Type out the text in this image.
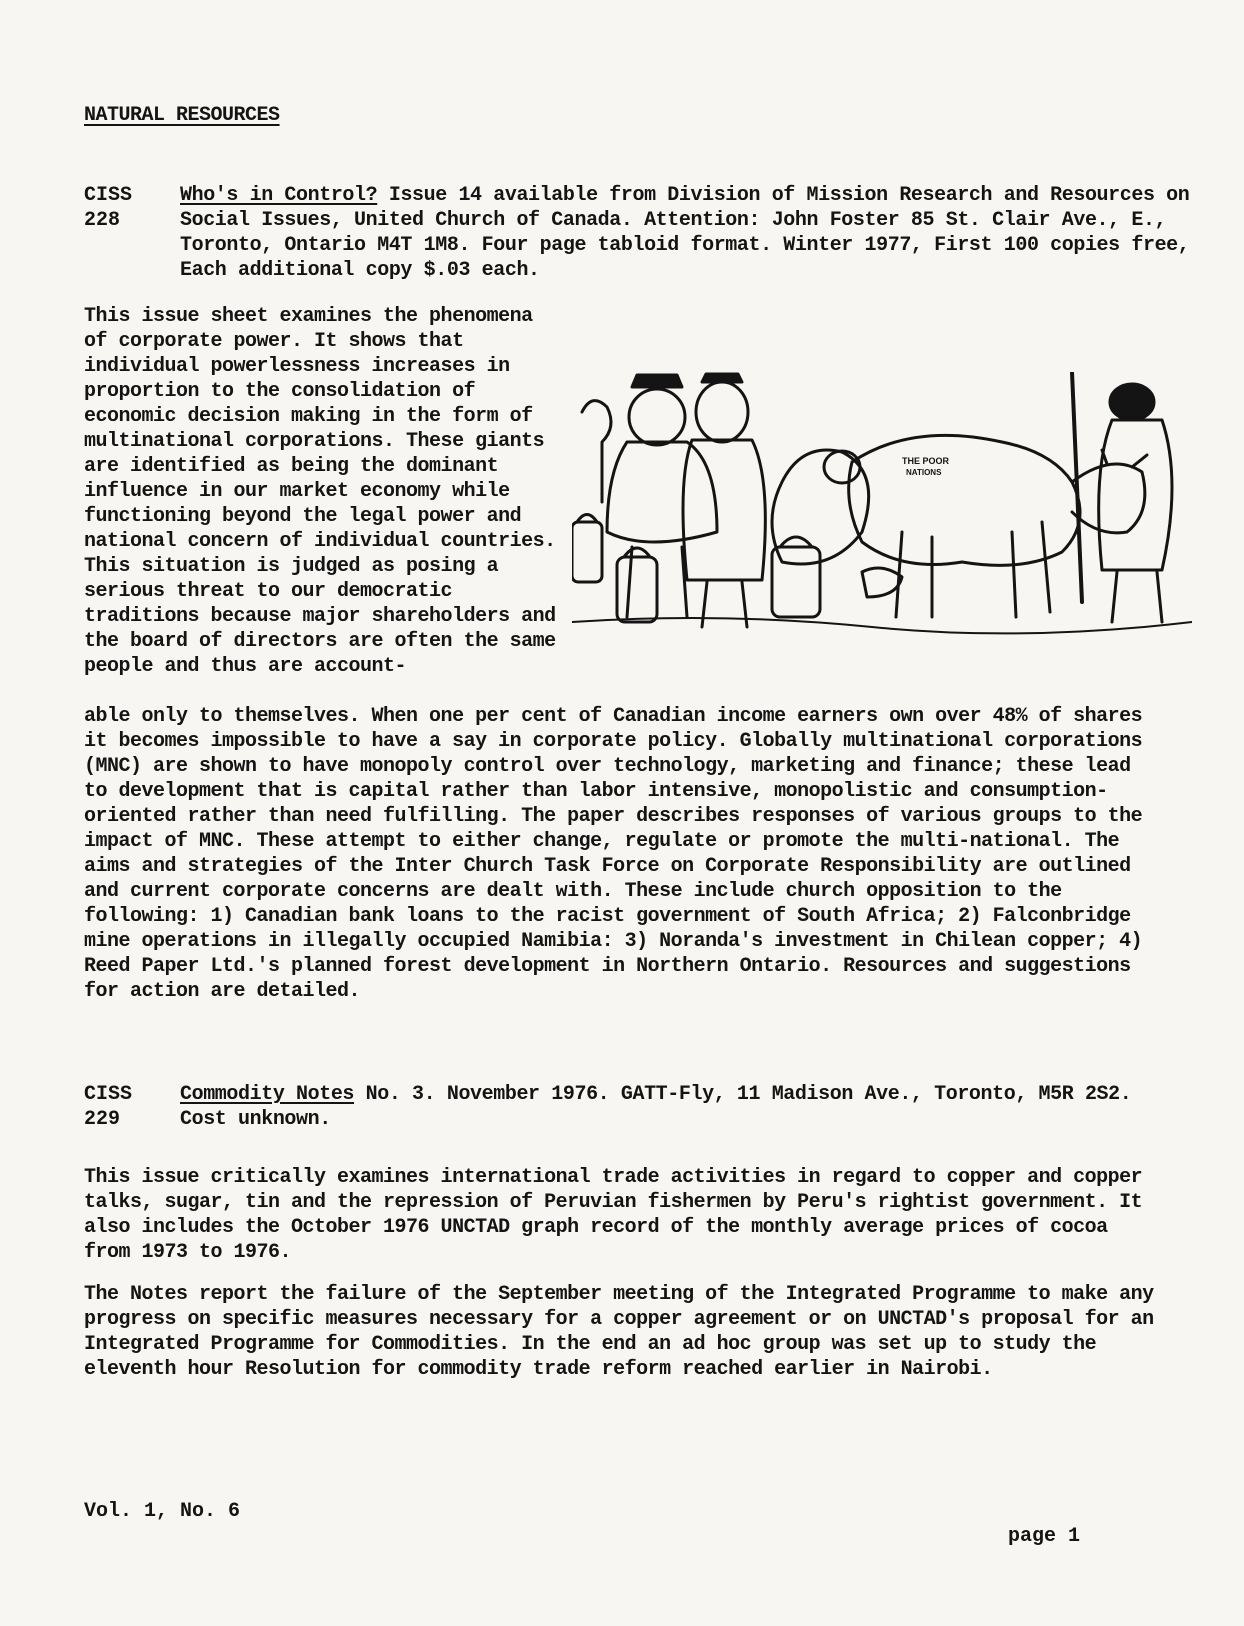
NATURAL RESOURCES
CISS
228
Who's in Control? Issue 14 available from Division of Mission Research and Resources on Social Issues, United Church of Canada. Attention: John Foster 85 St. Clair Ave., E., Toronto, Ontario M4T 1M8. Four page tabloid format. Winter 1977, First 100 copies free, Each additional copy $.03 each.

This issue sheet examines the phenomena of corporate power. It shows that individual powerlessness increases in proportion to the consolidation of economic decision making in the form of multinational corporations. These giants are identified as being the dominant influence in our market economy while functioning beyond the legal power and national concern of individual countries. This situation is judged as posing a serious threat to our democratic traditions because major shareholders and the board of directors are often the same people and thus are account-

THE POOR
NATIONS

able only to themselves. When one per cent of Canadian income earners own over 48% of shares it becomes impossible to have a say in corporate policy. Globally multinational corporations (MNC) are shown to have monopoly control over technology, marketing and finance; these lead to development that is capital rather than labor intensive, monopolistic and consumption-oriented rather than need fulfilling. The paper describes responses of various groups to the impact of MNC. These attempt to either change, regulate or promote the multi-national. The aims and strategies of the Inter Church Task Force on Corporate Responsibility are outlined and current corporate concerns are dealt with. These include church opposition to the following: 1) Canadian bank loans to the racist government of South Africa; 2) Falconbridge mine operations in illegally occupied Namibia: 3) Noranda's investment in Chilean copper; 4) Reed Paper Ltd.'s planned forest development in Northern Ontario. Resources and suggestions for action are detailed.

CISS
229
Commodity Notes No. 3. November 1976. GATT-Fly, 11 Madison Ave., Toronto, M5R 2S2. Cost unknown.

This issue critically examines international trade activities in regard to copper and copper talks, sugar, tin and the repression of Peruvian fishermen by Peru's rightist government. It also includes the October 1976 UNCTAD graph record of the monthly average prices of cocoa from 1973 to 1976.

The Notes report the failure of the September meeting of the Integrated Programme to make any progress on specific measures necessary for a copper agreement or on UNCTAD's proposal for an Integrated Programme for Commodities. In the end an ad hoc group was set up to study the eleventh hour Resolution for commodity trade reform reached earlier in Nairobi.

Vol. 1, No. 6
page 1
